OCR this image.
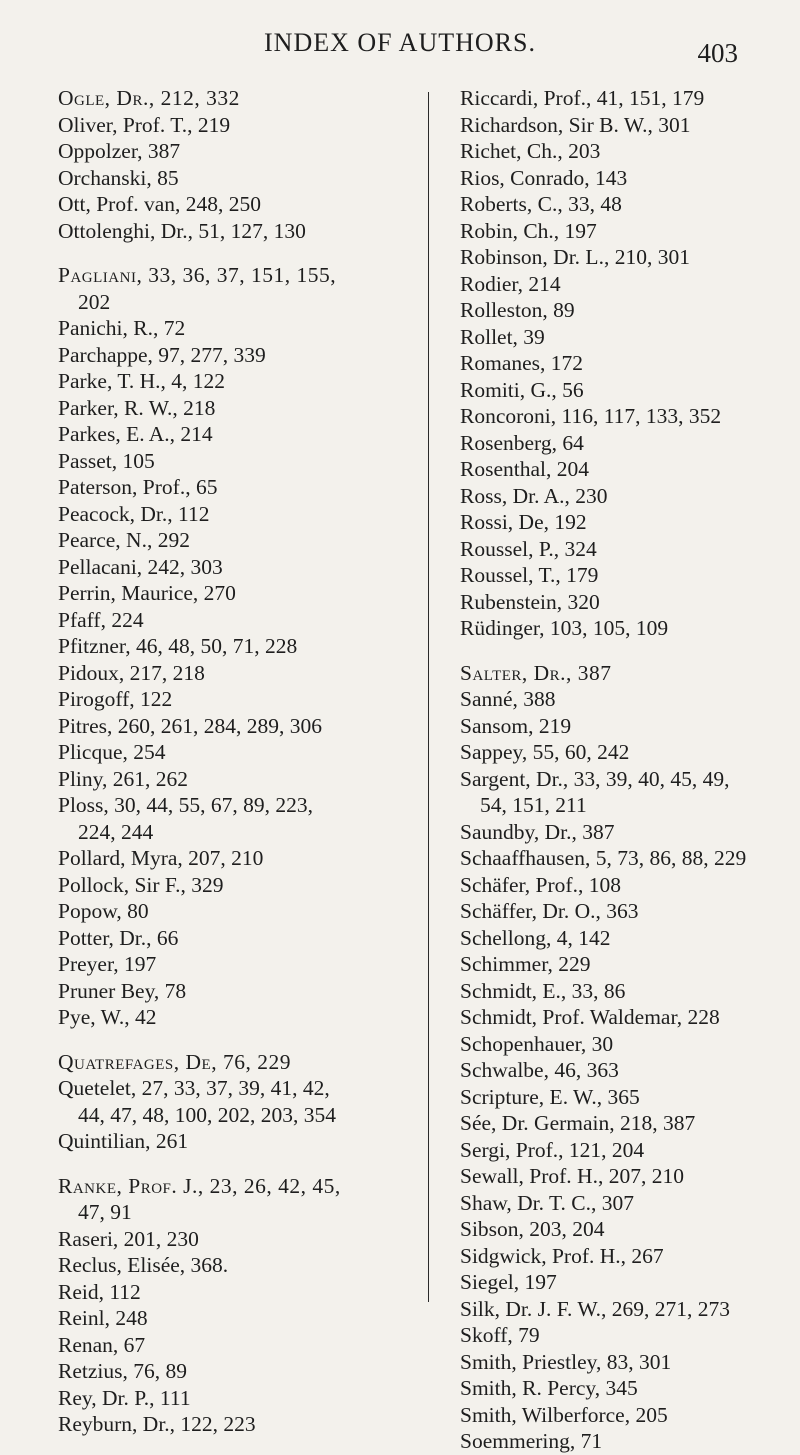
INDEX OF AUTHORS.	403
Ogle, Dr., 212, 332
Oliver, Prof. T., 219
Oppolzer, 387
Orchanski, 85
Ott, Prof. van, 248, 250
Ottolenghi, Dr., 51, 127, 130
Pagliani, 33, 36, 37, 151, 155,
202
Panichi, R., 72
Parchappe, 97, 277, 339
Parke, T. H., 4, 122
Parker, R. W., 218
Parkes, E. A., 214
Passet, 105
Paterson, Prof., 65
Peacock, Dr., 112
Pearce, N., 292
Pellacani, 242, 303
Perrin, Maurice, 270
Pfaff, 224
Pfitzner, 46, 48, 50, 71, 228
Pidoux, 217, 218
Pirogoff, 122
Pitres, 260, 261, 284, 289, 306
Plicque, 254
Pliny, 261, 262
Ploss, 30, 44, 55, 67, 89, 223,
224, 244
Pollard, Myra, 207, 210
Pollock, Sir F., 329
Popow, 80
Potter, Dr., 66
Preyer, 197
Pruner Bey, 78
Pye, W., 42
Quatrefages, De, 76, 229
Quetelet, 27, 33, 37, 39, 41, 42,
44, 47, 48, 100, 202, 203, 354
Quintilian, 261
Ranke, Prof. J., 23, 26, 42, 45,
47, 91
Raseri, 201, 230
Reclus, Elisée, 368.
Reid, 112
Reinl, 248
Renan, 67
Retzius, 76, 89
Rey, Dr. P., 111
Reyburn, Dr., 122, 223
Riccardi, Prof., 41, 151, 179
Richardson, Sir B. W., 301
Richet, Ch., 203
Rios, Conrado, 143
Roberts, C., 33, 48
Robin, Ch., 197
Robinson, Dr. L., 210, 301
Rodier, 214
Rolleston, 89
Rollet, 39
Romanes, 172
Romiti, G., 56
Roncoroni, 116, 117, 133, 352
Rosenberg, 64
Rosenthal, 204
Ross, Dr. A., 230
Rossi, De, 192
Roussel, P., 324
Roussel, T., 179
Rubenstein, 320
Rüdinger, 103, 105, 109
Salter, Dr., 387
Sanné, 388
Sansom, 219
Sappey, 55, 60, 242
Sargent, Dr., 33, 39, 40, 45, 49,
54, 151, 211
Saundby, Dr., 387
Schaaffhausen, 5, 73, 86, 88, 229
Schäfer, Prof., 108
Schäffer, Dr. O., 363
Schellong, 4, 142
Schimmer, 229
Schmidt, E., 33, 86
Schmidt, Prof. Waldemar, 228
Schopenhauer, 30
Schwalbe, 46, 363
Scripture, E. W., 365
Sée, Dr. Germain, 218, 387
Sergi, Prof., 121, 204
Sewall, Prof. H., 207, 210
Shaw, Dr. T. C., 307
Sibson, 203, 204
Sidgwick, Prof. H., 267
Siegel, 197
Silk, Dr. J. F. W., 269, 271, 273
Skoff, 79
Smith, Priestley, 83, 301
Smith, R. Percy, 345
Smith, Wilberforce, 205
Soemmering, 71
